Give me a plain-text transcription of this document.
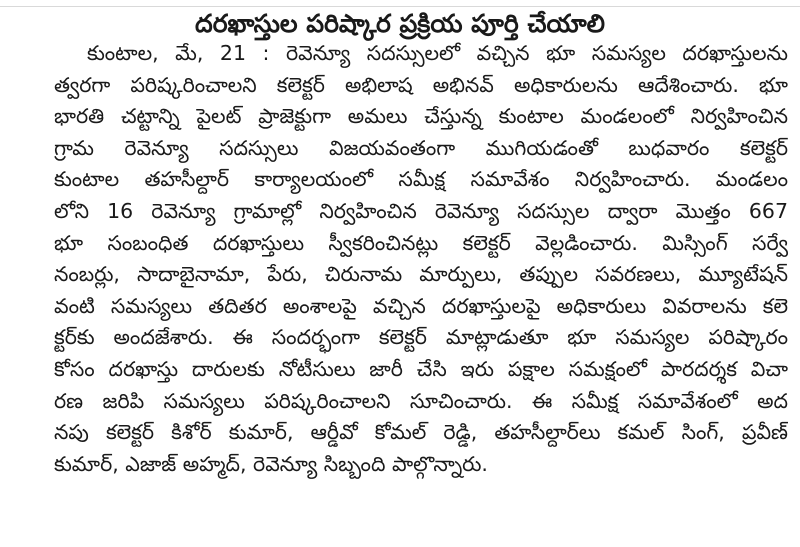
దరఖాస్తుల పరిష్కార ప్రక్రియ పూర్తి చేయాలి
కుంటాల, మే, 21 : రెవెన్యూ సదస్సులలో వచ్చిన భూ సమస్యల దరఖాస్తులను
త్వరగా పరిష్కరించాలని కలెక్టర్ అభిలాష అభినవ్ అధికారులను ఆదేశించారు. భూ
భారతి చట్టాన్ని పైలట్ ప్రాజెక్టుగా అమలు చేస్తున్న కుంటాల మండలంలో నిర్వహించిన
గ్రామ రెవెన్యూ సదస్సులు విజయవంతంగా ముగియడంతో బుధవారం కలెక్టర్
కుంటాల తహసీల్దార్ కార్యాలయంలో సమీక్ష సమావేశం నిర్వహించారు. మండలం
లోని 16 రెవెన్యూ గ్రామాల్లో నిర్వహించిన రెవెన్యూ సదస్సుల ద్వారా మొత్తం 667
భూ సంబంధిత దరఖాస్తులు స్వీకరించినట్లు కలెక్టర్ వెల్లడించారు. మిస్సింగ్ సర్వే
నంబర్లు, సాదాబైనామా, పేరు, చిరునామ మార్పులు, తప్పుల సవరణలు, మ్యూటేషన్
వంటి సమస్యలు తదితర అంశాలపై వచ్చిన దరఖాస్తులపై అధికారులు వివరాలను కలె
క్టర్‌కు అందజేశారు. ఈ సందర్భంగా కలెక్టర్ మాట్లాడుతూ భూ సమస్యల పరిష్కారం
కోసం దరఖాస్తు దారులకు నోటీసులు జారీ చేసి ఇరు పక్షాల సమక్షంలో పారదర్శక విచా
రణ జరిపి సమస్యలు పరిష్కరించాలని సూచించారు. ఈ సమీక్ష సమావేశంలో అద
నపు కలెక్టర్ కిశోర్ కుమార్, ఆర్డీవో కోమల్ రెడ్డి, తహసీల్దార్‌లు కమల్ సింగ్, ప్రవీణ్
కుమార్, ఎజాజ్ అహ్మద్, రెవెన్యూ సిబ్బంది పాల్గొన్నారు.
